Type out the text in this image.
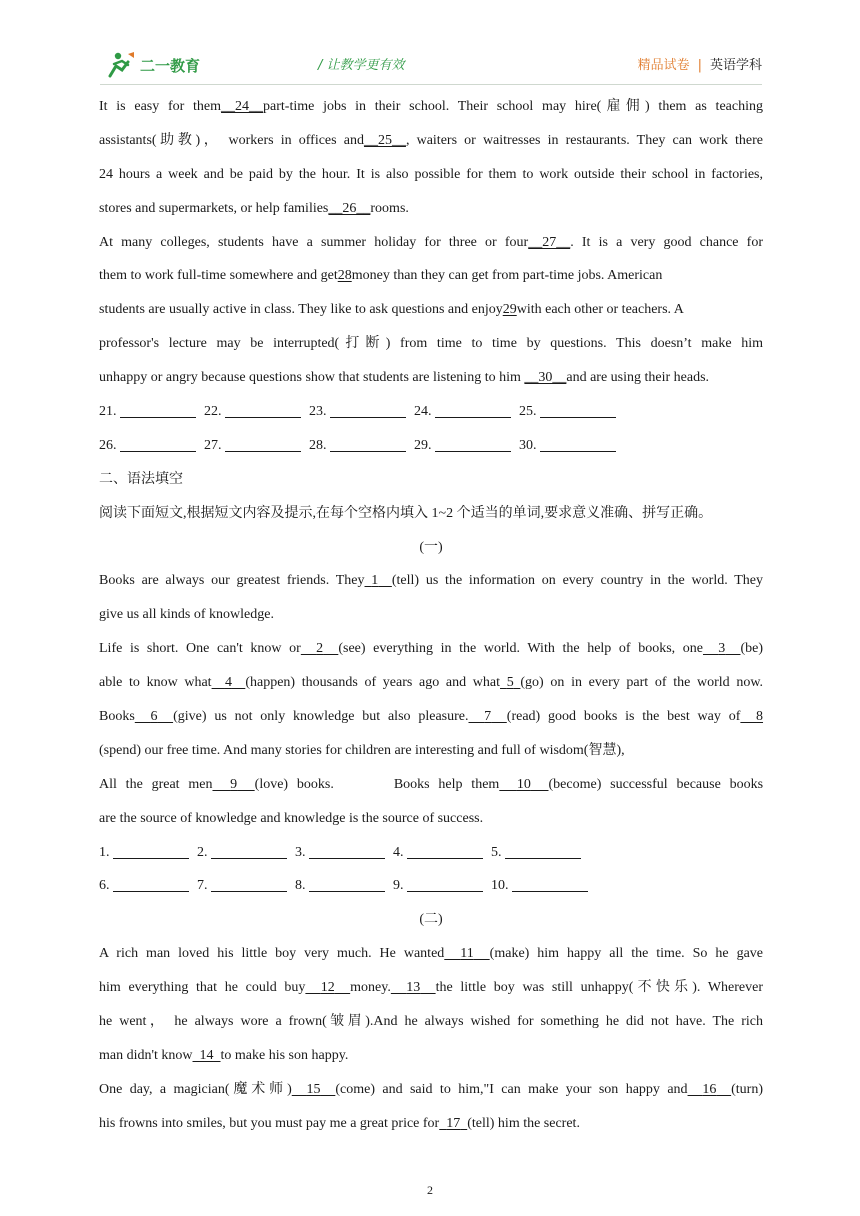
二一教育	/ 让教学更有效	精品试卷 | 英语学科
It is easy for them__24__part-time jobs in their school. Their school may hire(雇佣) them as teaching
assistants(助教)， workers in offices and__25__, waiters or waitresses in restaurants. They can work there
24 hours a week and be paid by the hour. It is also possible for them to work outside their school in factories,
stores and supermarkets, or help families__26__rooms.
At many colleges, students have a summer holiday for three or four__27__. It is a very good chance for
them to work full-time somewhere and get28money than they can get from part-time jobs. American
students are usually active in class. They like to ask questions and enjoy29with each other or teachers. A
professor's lecture may be interrupted(打断) from time to time by questions. This doesn’t make him
unhappy or angry because questions show that students are listening to him __30__and are using their heads.
21.	22.	23.	24.	25.
26.	27.	28.	29.	30.
二、语法填空
阅读下面短文,根据短文内容及提示,在每个空格内填入 1~2 个适当的单词,要求意义准确、拼写正确。
(一)
Books are always our greatest friends. They 1 (tell) us the information on every country in the world. They
give us all kinds of knowledge.
Life is short. One can't know or 2 (see) everything in the world. With the help of books, one 3 (be)
able to know what 4 (happen) thousands of years ago and what 5 (go) on in every part of the world now.
Books 6 (give) us not only knowledge but also pleasure. 7 (read) good books is the best way of 8
(spend) our free time. And many stories for children are interesting and full of wisdom(智慧),
All the great men 9 (love) books.	Books help them 10 (become) successful because books
are the source of knowledge and knowledge is the source of success.
1.	2.	3.	4.	5.
6.	7.	8.	9.	10.
(二)
A rich man loved his little boy very much. He wanted 11 (make) him happy all the time. So he gave
him everything that he could buy 12 money. 13 the little boy was still unhappy(不快乐). Wherever
he went， he always wore a frown(皱眉).And he always wished for something he did not have. The rich
man didn't know 14 to make his son happy.
One day, a magician(魔术师) 15 (come) and said to him,"I can make your son happy and 16 (turn)
his frowns into smiles, but you must pay me a great price for 17 (tell) him the secret.
2
